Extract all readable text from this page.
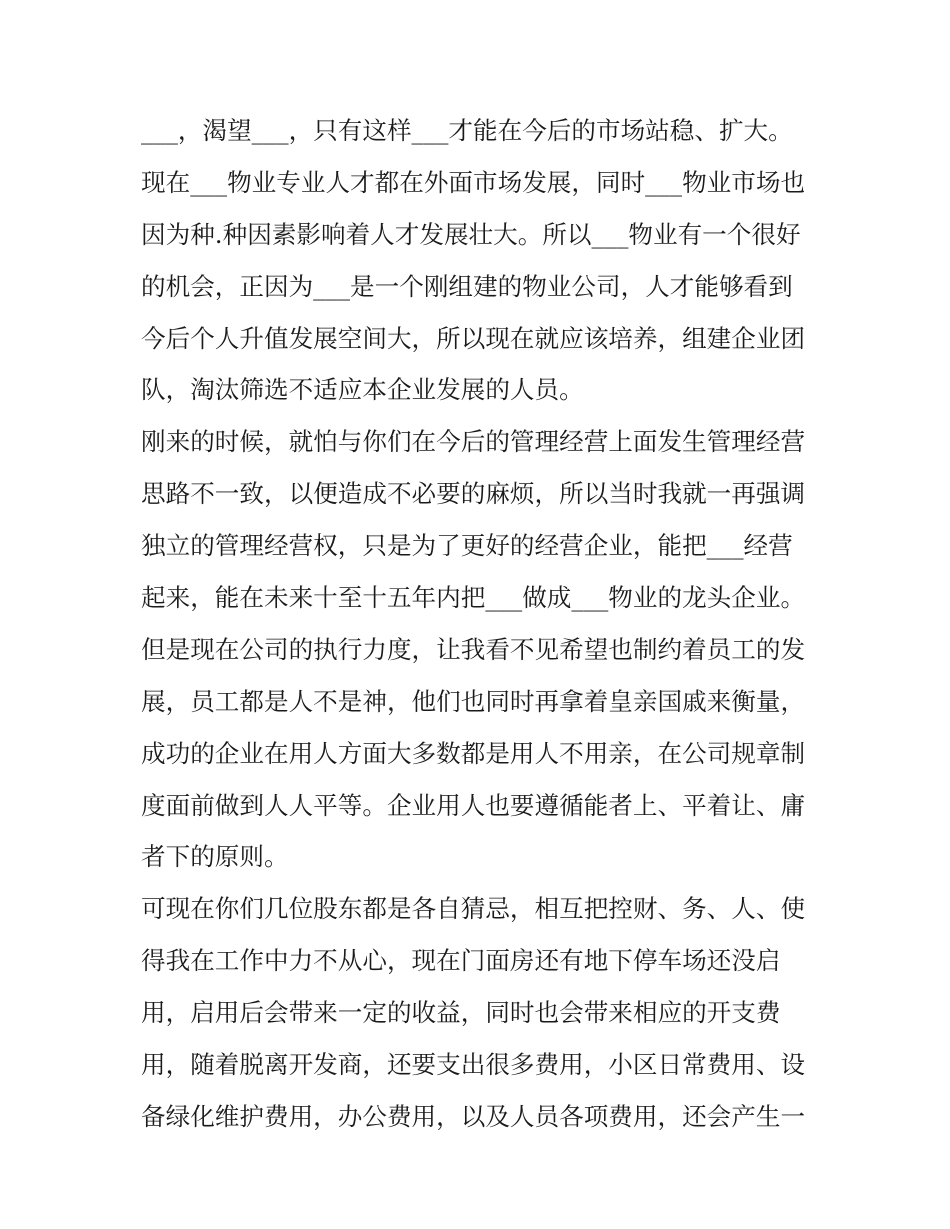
___，渴望___，只有这样___才能在今后的市场站稳、扩大。
现在___物业专业人才都在外面市场发展，同时___物业市场也
因为种.种因素影响着人才发展壮大。所以___物业有一个很好
的机会，正因为___是一个刚组建的物业公司，人才能够看到
今后个人升值发展空间大，所以现在就应该培养，组建企业团
队，淘汰筛选不适应本企业发展的人员。
刚来的时候，就怕与你们在今后的管理经营上面发生管理经营
思路不一致，以便造成不必要的麻烦，所以当时我就一再强调
独立的管理经营权，只是为了更好的经营企业，能把___经营
起来，能在未来十至十五年内把___做成___物业的龙头企业。
但是现在公司的执行力度，让我看不见希望也制约着员工的发
展，员工都是人不是神，他们也同时再拿着皇亲国戚来衡量，
成功的企业在用人方面大多数都是用人不用亲，在公司规章制
度面前做到人人平等。企业用人也要遵循能者上、平着让、庸
者下的原则。
可现在你们几位股东都是各自猜忌，相互把控财、务、人、使
得我在工作中力不从心，现在门面房还有地下停车场还没启
用，启用后会带来一定的收益，同时也会带来相应的开支费
用，随着脱离开发商，还要支出很多费用，小区日常费用、设
备绿化维护费用，办公费用，以及人员各项费用，还会产生一
